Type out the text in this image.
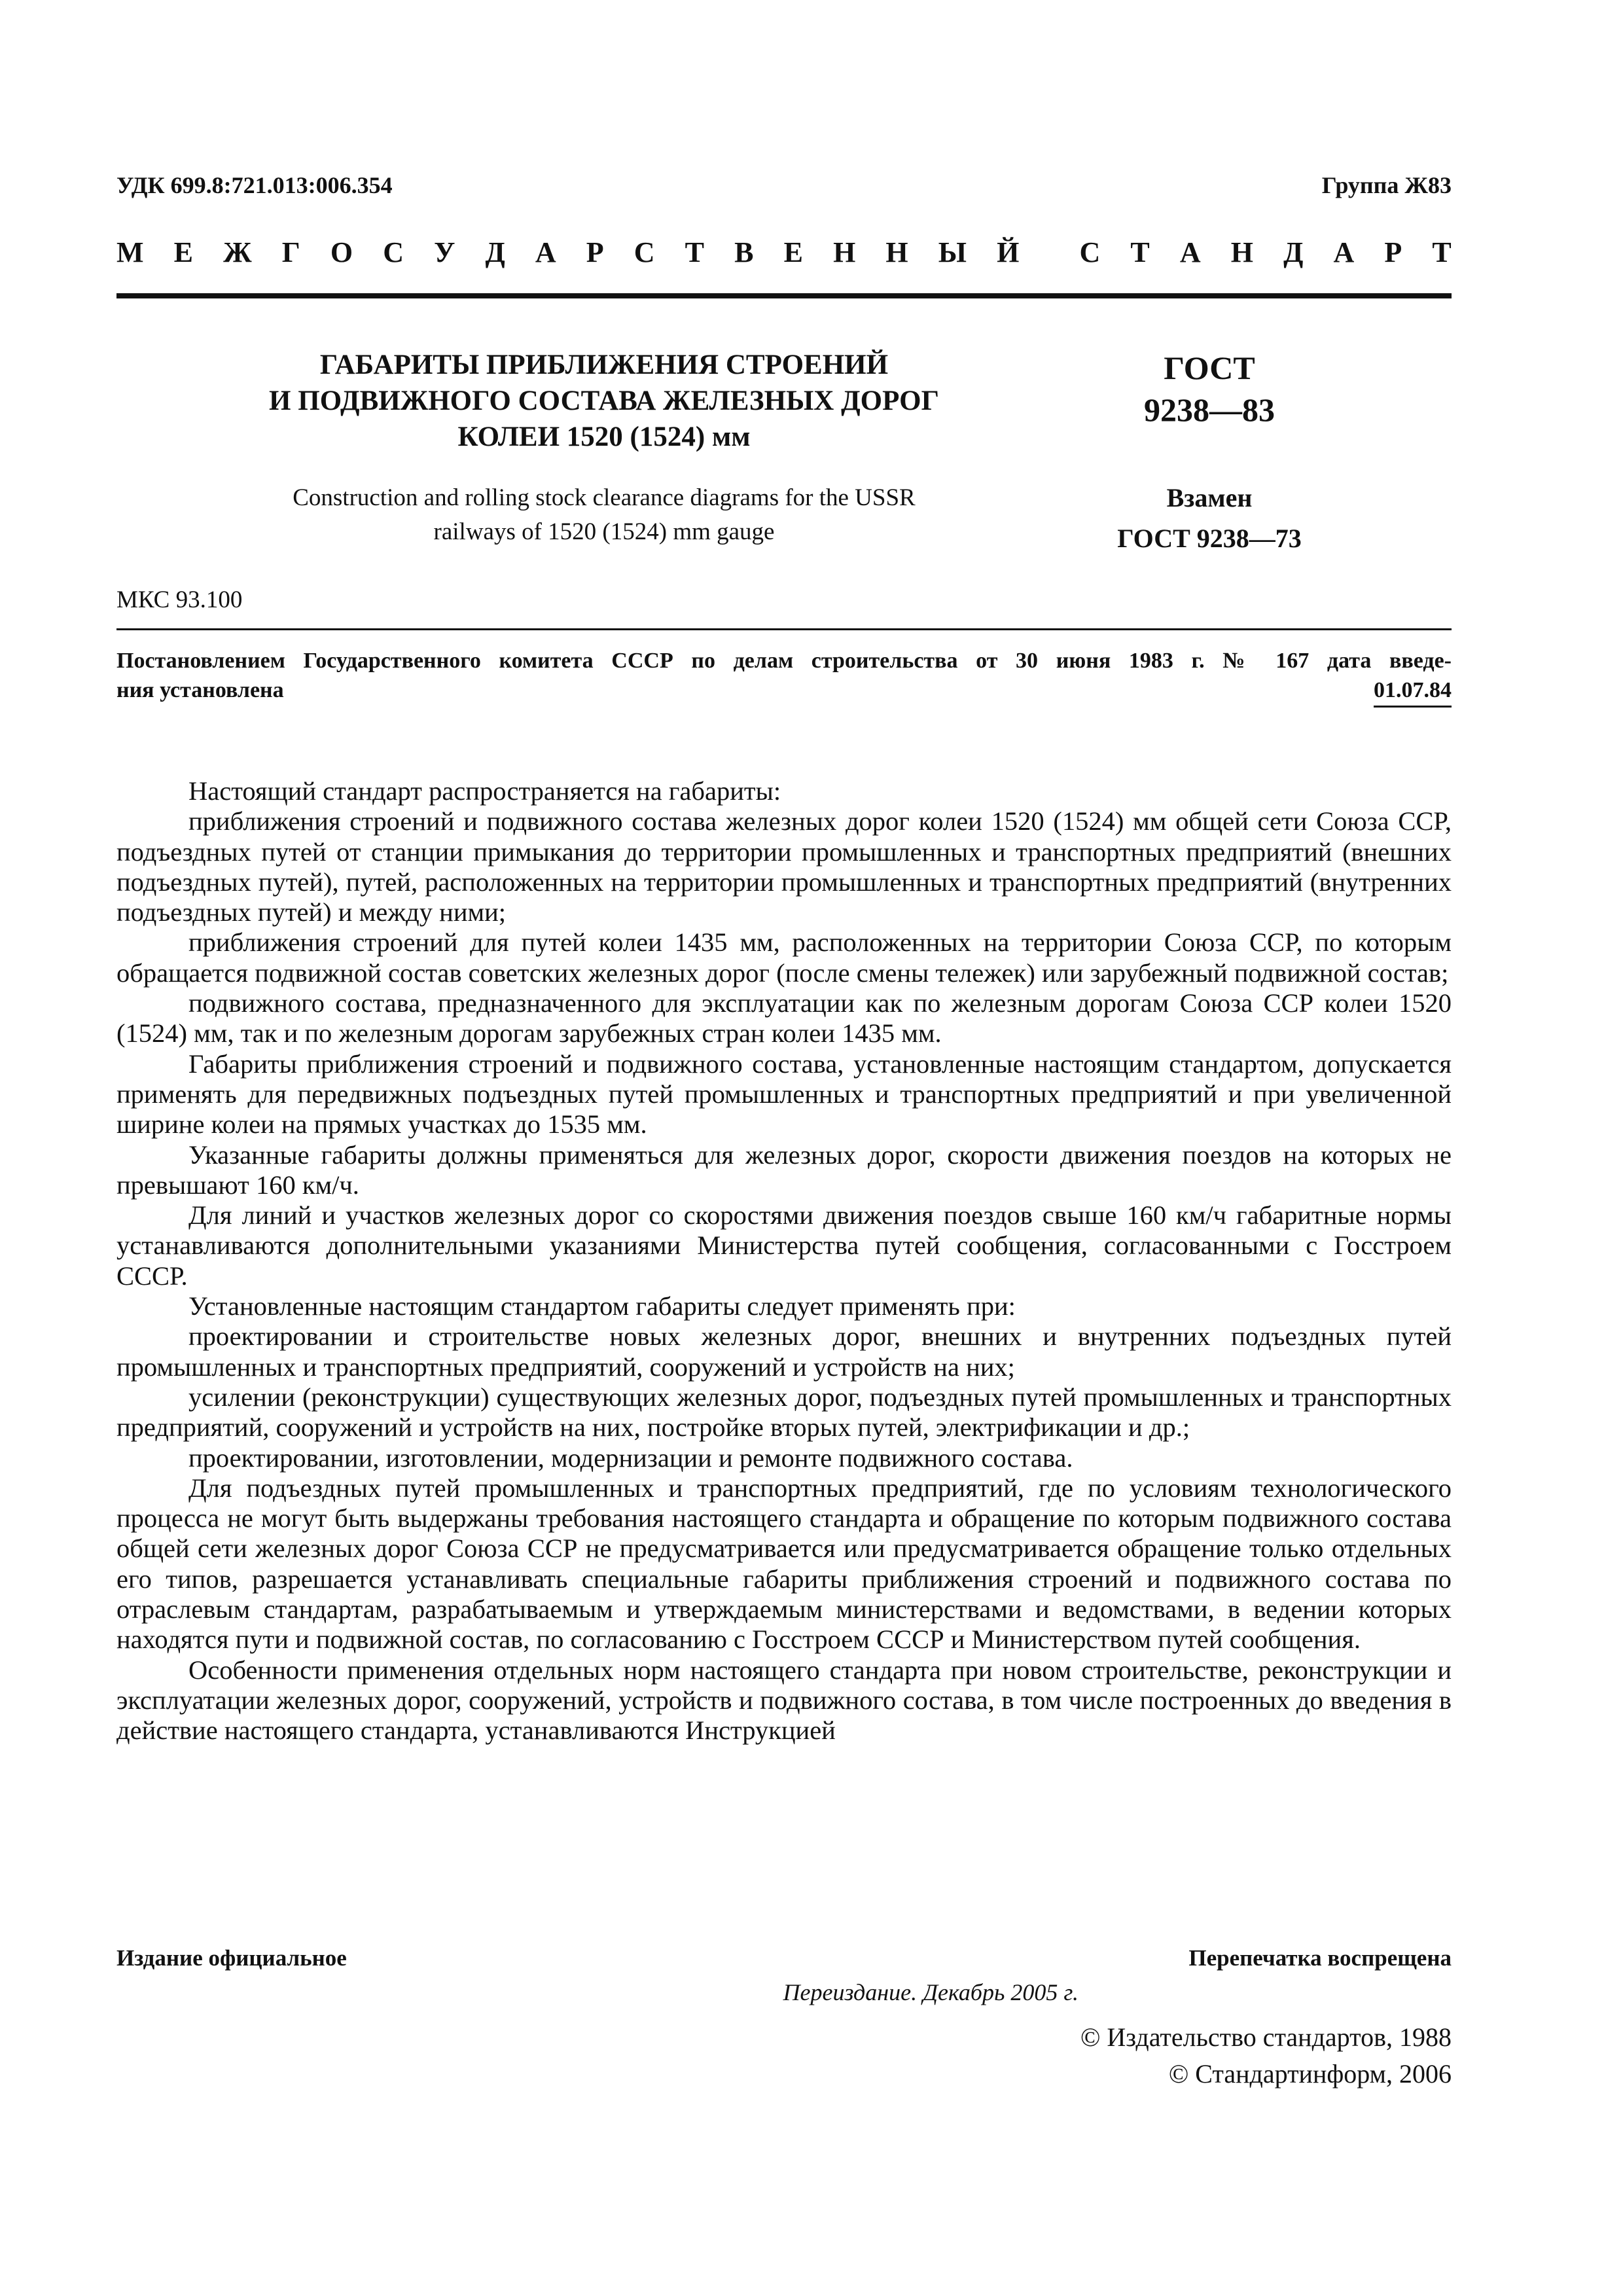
УДК 699.8:721.013:006.354	Группа Ж83
М Е Ж Г О С У Д А Р С Т В Е Н Н Ы Й С Т А Н Д А Р Т
ГАБАРИТЫ ПРИБЛИЖЕНИЯ СТРОЕНИЙ
И ПОДВИЖНОГО СОСТАВА ЖЕЛЕЗНЫХ ДОРОГ
КОЛЕИ 1520 (1524) мм
ГОСТ
9238—83
Construction and rolling stock clearance diagrams for the USSR railways of 1520 (1524) mm gauge
Взамен
ГОСТ 9238—73
МКС 93.100
Постановлением Государственного комитета СССР по делам строительства от 30 июня 1983 г. № 167 дата введе-
ния установлена	01.07.84

Настоящий стандарт распространяется на габариты:

приближения строений и подвижного состава железных дорог колеи 1520 (1524) мм общей сети Союза ССР, подъездных путей от станции примыкания до территории промышленных и транспортных предприятий (внешних подъездных путей), путей, расположенных на территории промышленных и транспортных предприятий (внутренних подъездных путей) и между ними;

приближения строений для путей колеи 1435 мм, расположенных на территории Союза ССР, по которым обращается подвижной состав советских железных дорог (после смены тележек) или зарубежный подвижной состав;

подвижного состава, предназначенного для эксплуатации как по железным дорогам Союза ССР колеи 1520 (1524) мм, так и по железным дорогам зарубежных стран колеи 1435 мм.

Габариты приближения строений и подвижного состава, установленные настоящим стандартом, допускается применять для передвижных подъездных путей промышленных и транспортных предприятий и при увеличенной ширине колеи на прямых участках до 1535 мм.

Указанные габариты должны применяться для железных дорог, скорости движения поездов на которых не превышают 160 км/ч.

Для линий и участков железных дорог со скоростями движения поездов свыше 160 км/ч габаритные нормы устанавливаются дополнительными указаниями Министерства путей сообщения, согласованными с Госстроем СССР.

Установленные настоящим стандартом габариты следует применять при:

проектировании и строительстве новых железных дорог, внешних и внутренних подъездных путей промышленных и транспортных предприятий, сооружений и устройств на них;

усилении (реконструкции) существующих железных дорог, подъездных путей промышленных и транспортных предприятий, сооружений и устройств на них, постройке вторых путей, электрификации и др.;

проектировании, изготовлении, модернизации и ремонте подвижного состава.

Для подъездных путей промышленных и транспортных предприятий, где по условиям технологического процесса не могут быть выдержаны требования настоящего стандарта и обращение по которым подвижного состава общей сети железных дорог Союза ССР не предусматривается или предусматривается обращение только отдельных его типов, разрешается устанавливать специальные габариты приближения строений и подвижного состава по отраслевым стандартам, разрабатываемым и утверждаемым министерствами и ведомствами, в ведении которых находятся пути и подвижной состав, по согласованию с Госстроем СССР и Министерством путей сообщения.

Особенности применения отдельных норм настоящего стандарта при новом строительстве, реконструкции и эксплуатации железных дорог, сооружений, устройств и подвижного состава, в том числе построенных до введения в действие настоящего стандарта, устанавливаются Инструкцией

Издание официальное	Перепечатка воспрещена
Переиздание. Декабрь 2005 г.
© Издательство стандартов, 1988
© Стандартинформ, 2006
